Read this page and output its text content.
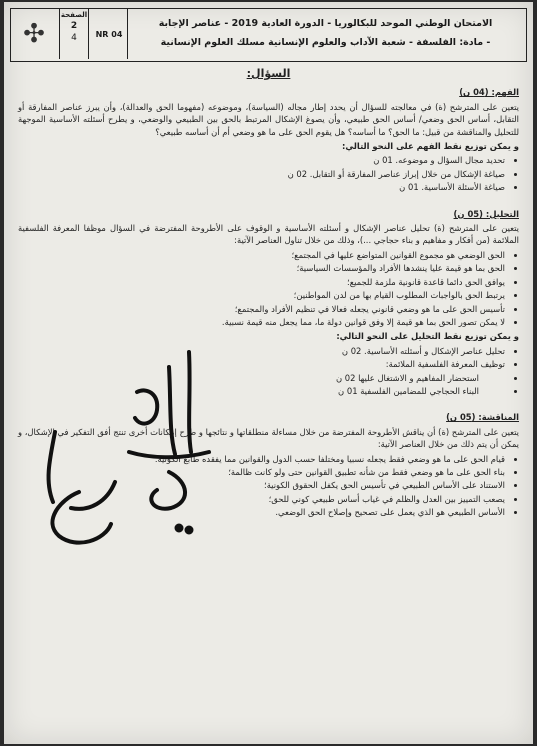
✣
الصفحة
2
4	NR 04
الامتحان الوطني الموحد للبكالوريا - الدورة العادية 2019 - عناصر الإجابة
- مادة: الفلسفة - شعبة الآداب والعلوم الإنسانية مسلك العلوم الإنسانية
السؤال:
الفهم: (04 ن)

يتعين على المترشح (ة) في معالجته للسؤال أن يحدد إطار مجاله (السياسة)، وموضوعه (مفهوما الحق والعدالة)، وأن يبرز عناصر المفارقة أو التقابل، أساس الحق وضعي/ أساس الحق طبيعي، وأن يصوغ الإشكال المرتبط بالحق بين الطبيعي والوضعي، و يطرح أسئلته الأساسية الموجهة للتحليل والمناقشة من قبيل: ما الحق؟ ما أساسه؟ هل يقوم الحق على ما هو وضعي أم أن أساسه طبيعي؟

و يمكن توزيع نقط الفهم على النحو التالي:

• تحديد مجال السؤال و موضوعه. 01 ن
• صياغة الإشكال من خلال إبراز عناصر المفارقة أو التقابل. 02 ن
• صياغة الأسئلة الأساسية. 01 ن
التحليل: (05 ن)

يتعين على المترشح (ة) تحليل عناصر الإشكال و أسئلته الأساسية و الوقوف على الأطروحة المفترضة في السؤال موظفا المعرفة الفلسفية الملائمة (من أفكار و مفاهيم و بناء حجاجي ...)، وذلك من خلال تناول العناصر الآتية:

• الحق الوضعي هو مجموع القوانين المتواضع عليها في المجتمع؛
• الحق بما هو قيمة عليا ينشدها الأفراد والمؤسسات السياسية؛
• يوافق الحق دائما قاعدة قانونية ملزمة للجميع؛
• يرتبط الحق بالواجبات المطلوب القيام بها من لدن المواطنين؛
• تأسيس الحق على ما هو وضعي قانوني يجعله فعالا في تنظيم الأفراد والمجتمع؛
• لا يمكن تصور الحق بما هو قيمة إلا وفق قوانين دولة ما، مما يجعل منه قيمة نسبية.

و يمكن توزيع نقط التحليل على النحو التالي:

• تحليل عناصر الإشكال و أسئلته الأساسية. 02 ن
• توظيف المعرفة الفلسفية الملائمة:
• استحضار المفاهيم و الاشتغال عليها 02 ن
• البناء الحجاجي للمضامين الفلسفية 01 ن
المناقشة: (05 ن)

يتعين على المترشح (ة) أن يناقش الأطروحة المفترضة من خلال مساءلة منطلقاتها و نتائجها و طرح إمكانات أخرى تنتج أفق التفكير في الإشكال، و يمكن أن يتم ذلك من خلال العناصر الآتية:

• قيام الحق على ما هو وضعي فقط يجعله نسبيا ومختلفا حسب الدول والقوانين مما يفقده طابع الكونية؛
• بناء الحق على ما هو وضعي فقط من شأنه تطبيق القوانين حتى ولو كانت ظالمة؛
• الاستناد على الأساس الطبيعي في تأسيس الحق يكفل الحقوق الكونية؛
• يصعب التمييز بين العدل والظلم في غياب أساس طبيعي كوني للحق؛
• الأساس الطبيعي هو الذي يعمل على تصحيح وإصلاح الحق الوضعي.
